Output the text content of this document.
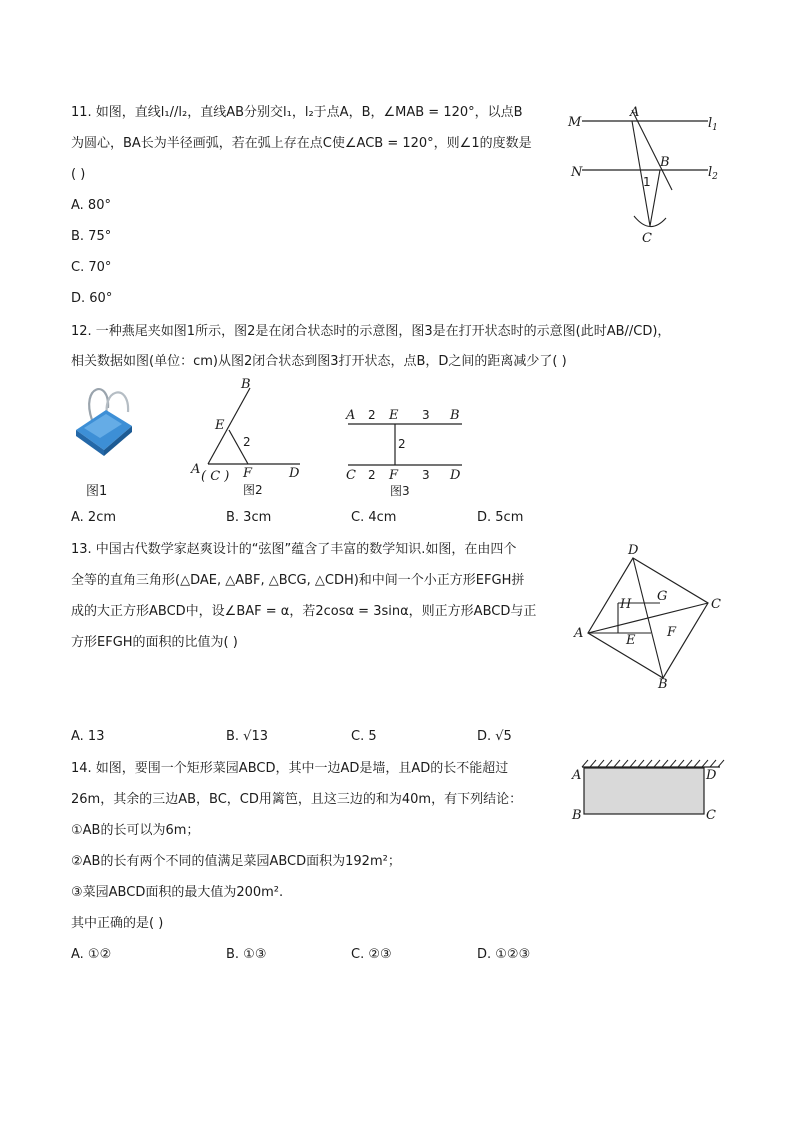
11. 如图，直线l₁//l₂，直线AB分别交l₁，l₂于点A，B，∠MAB = 120°，以点B
为圆心，BA长为半径画弧，若在弧上存在点C使∠ACB = 120°，则∠1的度数是
( )
A. 80°
B. 75°
C. 70°
D. 60°
M
A
$l_1$
N
B
$l_2$
1
C
12. 一种燕尾夹如图1所示，图2是在闭合状态时的示意图，图3是在打开状态时的示意图(此时AB//CD)，
相关数据如图(单位：cm)从图2闭合状态到图3打开状态，点B，D之间的距离减少了( )
图1
B
E
2
A ( C ) F	D
图2
A 2 E 3 B
2
C 2 F 3 D
图3
A. 2cm	B. 3cm	C. 4cm	D. 5cm
13. 中国古代数学家赵爽设计的“弦图”蕴含了丰富的数学知识.如图，在由四个
全等的直角三角形(△DAE, △ABF, △BCG, △CDH)和中间一个小正方形EFGH拼
成的大正方形ABCD中，设∠BAF = α，若2cosα = 3sinα，则正方形ABCD与正
方形EFGH的面积的比值为( )
D
C
A
B
H
G
E
F
A. 13	B. √13	C. 5	D. √5
14. 如图，要围一个矩形菜园ABCD，其中一边AD是墙，且AD的长不能超过
26m，其余的三边AB，BC，CD用篱笆，且这三边的和为40m，有下列结论：
①AB的长可以为6m；
②AB的长有两个不同的值满足菜园ABCD面积为192m²；
③菜园ABCD面积的最大值为200m².
其中正确的是( )
A	D
B	C
A. ①②	B. ①③	C. ②③	D. ①②③
